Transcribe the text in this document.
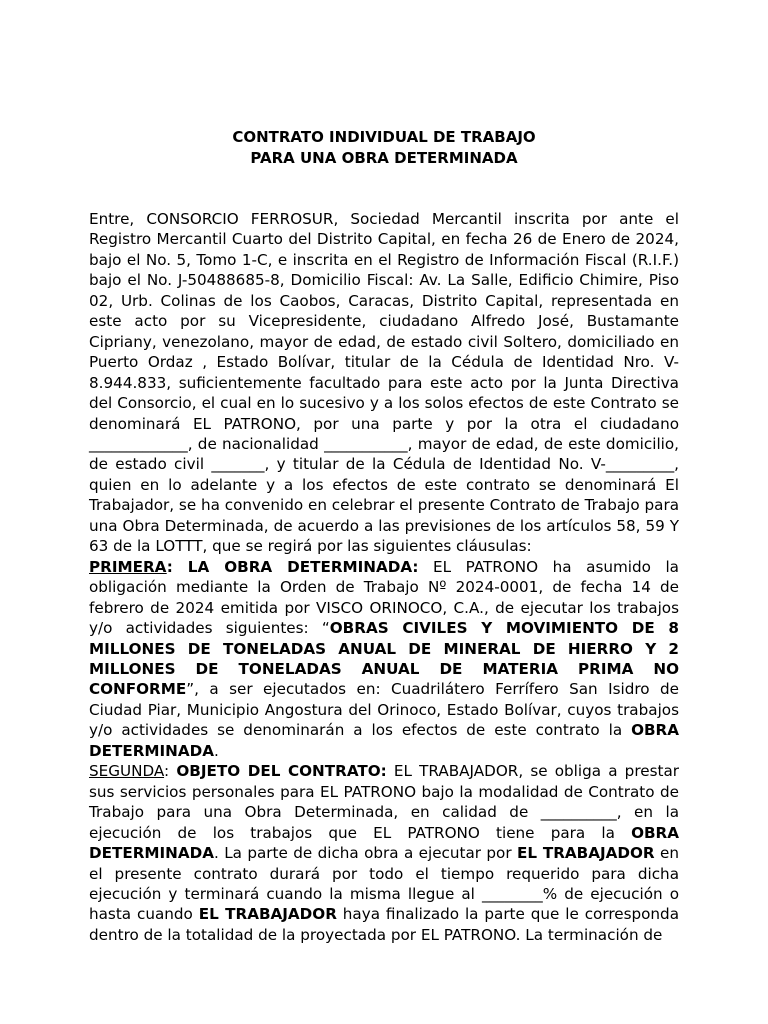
CONTRATO INDIVIDUAL DE TRABAJO
PARA UNA OBRA DETERMINADA

Entre, CONSORCIO FERROSUR, Sociedad Mercantil inscrita por ante el Registro Mercantil Cuarto del Distrito Capital, en fecha 26 de Enero de 2024, bajo el No. 5, Tomo 1-C, e inscrita en el Registro de Información Fiscal (R.I.F.) bajo el No. J-50488685-8, Domicilio Fiscal: Av. La Salle, Edificio Chimire, Piso 02, Urb. Colinas de los Caobos, Caracas, Distrito Capital, representada en este acto por su Vicepresidente, ciudadano Alfredo José, Bustamante Cipriany, venezolano, mayor de edad, de estado civil Soltero, domiciliado en Puerto Ordaz , Estado Bolívar, titular de la Cédula de Identidad Nro. V-8.944.833, suficientemente facultado para este acto por la Junta Directiva del Consorcio, el cual en lo sucesivo y a los solos efectos de este Contrato se denominará EL PATRONO, por una parte y por la otra el ciudadano _____________, de nacionalidad ___________, mayor de edad, de este domicilio, de estado civil _______, y titular de la Cédula de Identidad No. V-_________, quien en lo adelante y a los efectos de este contrato se denominará El Trabajador, se ha convenido en celebrar el presente Contrato de Trabajo para una Obra Determinada, de acuerdo a las previsiones de los artículos 58, 59 Y 63 de la LOTTT, que se regirá por las siguientes cláusulas:

PRIMERA: LA OBRA DETERMINADA: EL PATRONO ha asumido la obligación mediante la Orden de Trabajo Nº 2024-0001, de fecha 14 de febrero de 2024 emitida por VISCO ORINOCO, C.A., de ejecutar los trabajos y/o actividades siguientes: “OBRAS CIVILES Y MOVIMIENTO DE 8 MILLONES DE TONELADAS ANUAL DE MINERAL DE HIERRO Y 2 MILLONES DE TONELADAS ANUAL DE MATERIA PRIMA NO CONFORME”, a ser ejecutados en: Cuadrilátero Ferrífero San Isidro de Ciudad Piar, Municipio Angostura del Orinoco, Estado Bolívar, cuyos trabajos y/o actividades se denominarán a los efectos de este contrato la OBRA DETERMINADA.

SEGUNDA: OBJETO DEL CONTRATO: EL TRABAJADOR, se obliga a prestar sus servicios personales para EL PATRONO bajo la modalidad de Contrato de Trabajo para una Obra Determinada, en calidad de __________, en la ejecución de los trabajos que EL PATRONO tiene para la OBRA DETERMINADA. La parte de dicha obra a ejecutar por EL TRABAJADOR en el presente contrato durará por todo el tiempo requerido para dicha ejecución y terminará cuando la misma llegue al ________% de ejecución o hasta cuando EL TRABAJADOR haya finalizado la parte que le corresponda dentro de la totalidad de la proyectada por EL PATRONO. La terminación de
